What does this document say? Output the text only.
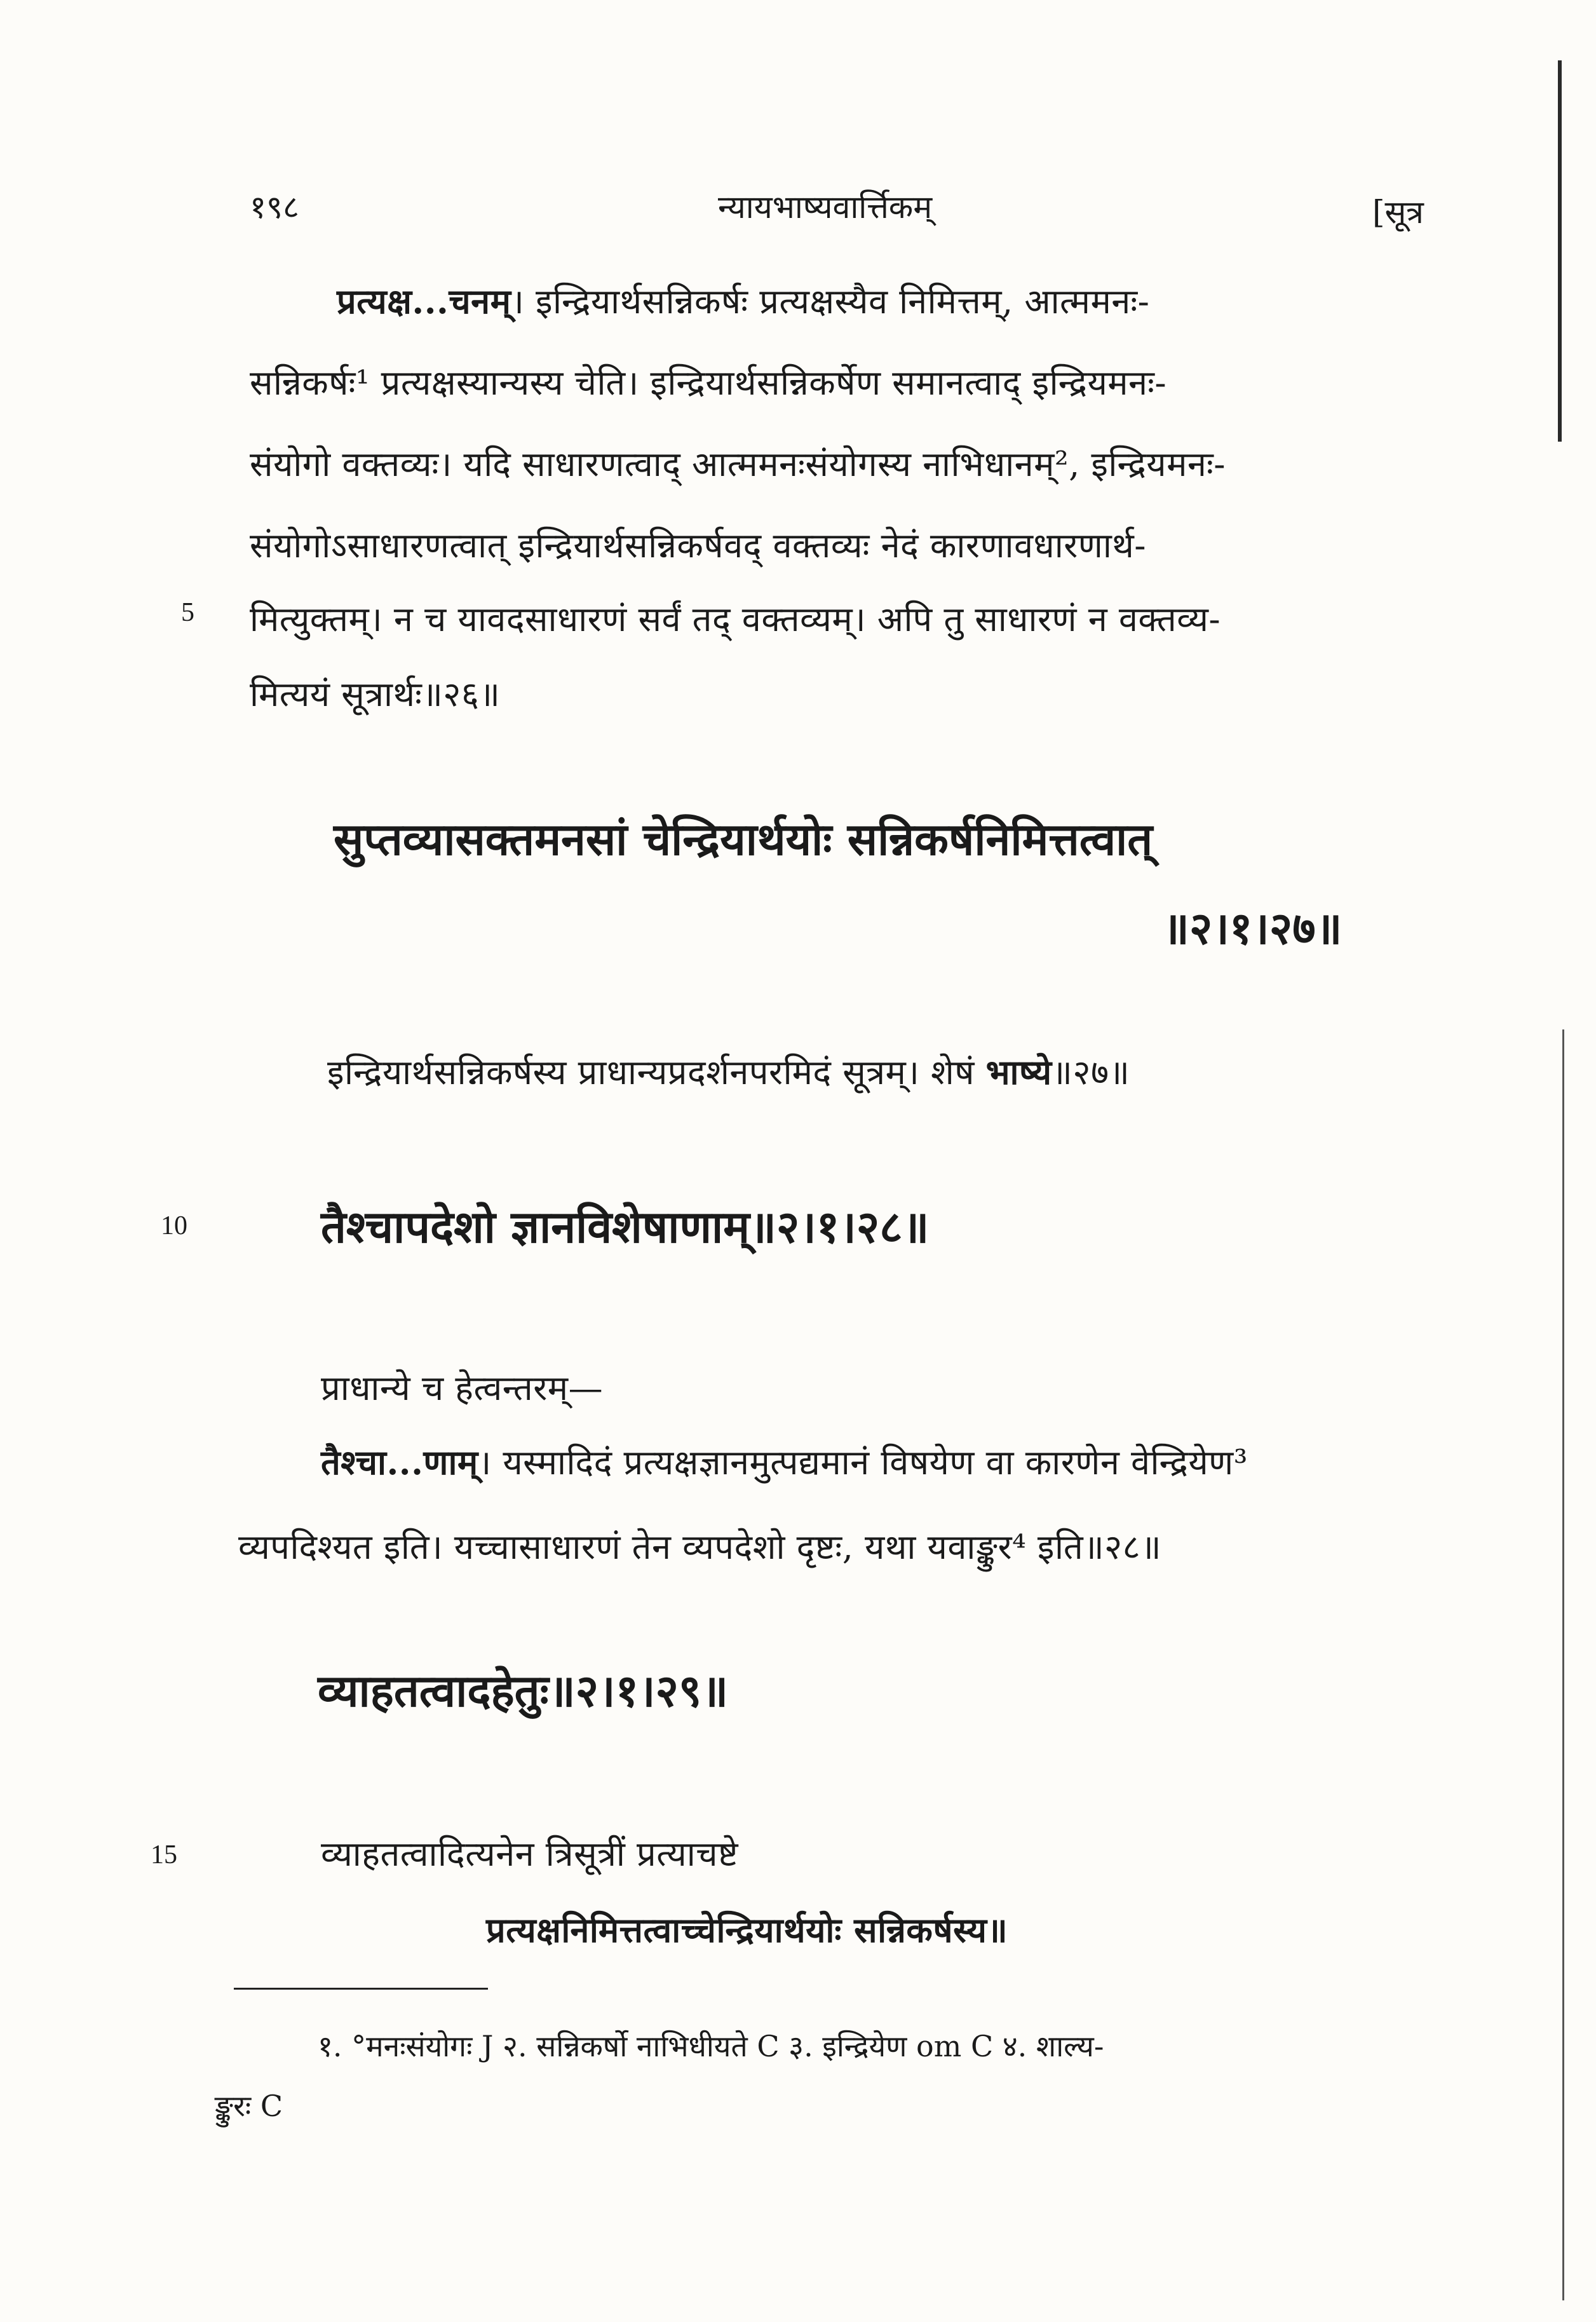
१९८	न्यायभाष्यवार्त्तिकम्	[सूत्र
प्रत्यक्ष...चनम्। इन्द्रियार्थसन्निकर्षः प्रत्यक्षस्यैव निमित्तम्, आत्ममनः-
सन्निकर्षः¹ प्रत्यक्षस्यान्यस्य चेति। इन्द्रियार्थसन्निकर्षेण समानत्वाद् इन्द्रियमनः-
संयोगो वक्तव्यः। यदि साधारणत्वाद् आत्ममनःसंयोगस्य नाभिधानम्², इन्द्रियमनः-
संयोगोऽसाधारणत्वात् इन्द्रियार्थसन्निकर्षवद् वक्तव्यः नेदं कारणावधारणार्थ-
5 मित्युक्तम्। न च यावदसाधारणं सर्वं तद् वक्तव्यम्। अपि तु साधारणं न वक्तव्य-
मित्ययं सूत्रार्थः॥२६॥
सुप्तव्यासक्तमनसां चेन्द्रियार्थयोः सन्निकर्षनिमित्तत्वात्
॥२।१।२७॥
इन्द्रियार्थसन्निकर्षस्य प्राधान्यप्रदर्शनपरमिदं सूत्रम्। शेषं भाष्ये॥२७॥
10	तैश्चापदेशो ज्ञानविशेषाणाम्॥२।१।२८॥
प्राधान्ये च हेत्वन्तरम्—
तैश्चा...णाम्। यस्मादिदं प्रत्यक्षज्ञानमुत्पद्यमानं विषयेण वा कारणेन वेन्द्रियेण³
व्यपदिश्यत इति। यच्चासाधारणं तेन व्यपदेशो दृष्टः, यथा यवाङ्कुर⁴ इति॥२८॥
व्याहतत्वादहेतुः॥२।१।२९॥
15	व्याहतत्वादित्यनेन त्रिसूत्रीं प्रत्याचष्टे
प्रत्यक्षनिमित्तत्वाच्चेन्द्रियार्थयोः सन्निकर्षस्य॥
१. °मनःसंयोगः J २. सन्निकर्षो नाभिधीयते C ३. इन्द्रियेण om C ४. शाल्य-
ङ्कुरः C
